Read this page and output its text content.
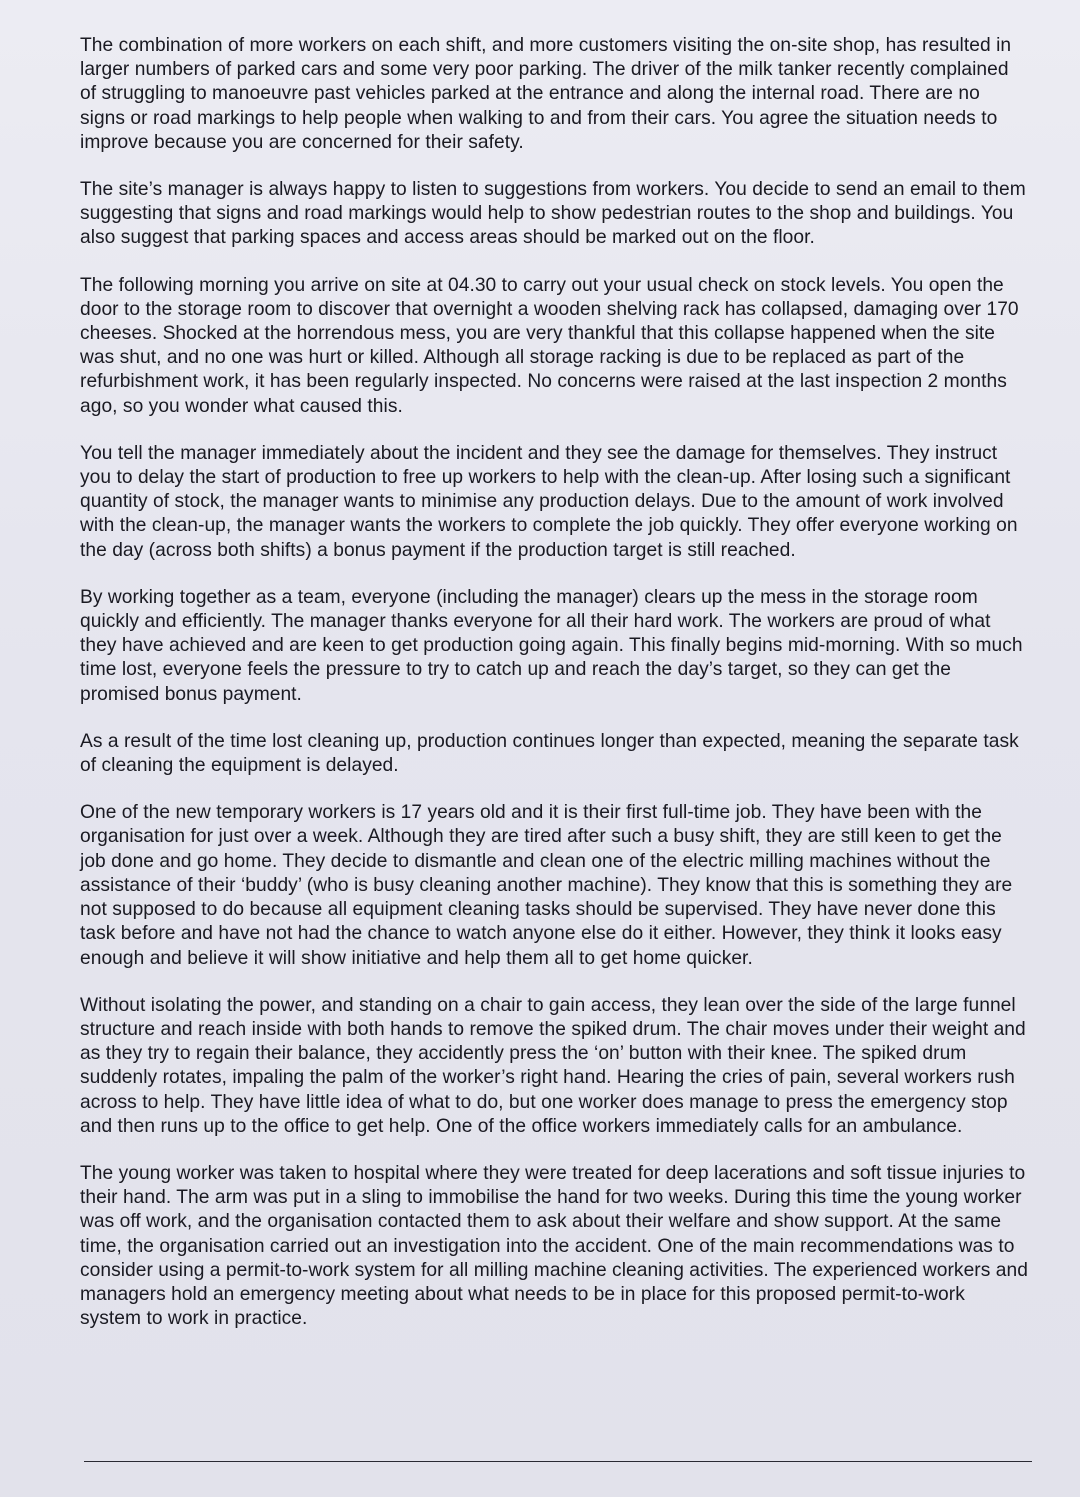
The combination of more workers on each shift, and more customers visiting the on-site shop, has resulted in larger numbers of parked cars and some very poor parking. The driver of the milk tanker recently complained of struggling to manoeuvre past vehicles parked at the entrance and along the internal road. There are no signs or road markings to help people when walking to and from their cars. You agree the situation needs to improve because you are concerned for their safety.

The site’s manager is always happy to listen to suggestions from workers. You decide to send an email to them suggesting that signs and road markings would help to show pedestrian routes to the shop and buildings. You also suggest that parking spaces and access areas should be marked out on the floor.

The following morning you arrive on site at 04.30 to carry out your usual check on stock levels. You open the door to the storage room to discover that overnight a wooden shelving rack has collapsed, damaging over 170 cheeses. Shocked at the horrendous mess, you are very thankful that this collapse happened when the site was shut, and no one was hurt or killed. Although all storage racking is due to be replaced as part of the refurbishment work, it has been regularly inspected. No concerns were raised at the last inspection 2 months ago, so you wonder what caused this.

You tell the manager immediately about the incident and they see the damage for themselves. They instruct you to delay the start of production to free up workers to help with the clean-up. After losing such a significant quantity of stock, the manager wants to minimise any production delays. Due to the amount of work involved with the clean-up, the manager wants the workers to complete the job quickly. They offer everyone working on the day (across both shifts) a bonus payment if the production target is still reached.

By working together as a team, everyone (including the manager) clears up the mess in the storage room quickly and efficiently. The manager thanks everyone for all their hard work. The workers are proud of what they have achieved and are keen to get production going again. This finally begins mid-morning. With so much time lost, everyone feels the pressure to try to catch up and reach the day’s target, so they can get the promised bonus payment.

As a result of the time lost cleaning up, production continues longer than expected, meaning the separate task of cleaning the equipment is delayed.

One of the new temporary workers is 17 years old and it is their first full-time job. They have been with the organisation for just over a week. Although they are tired after such a busy shift, they are still keen to get the job done and go home. They decide to dismantle and clean one of the electric milling machines without the assistance of their ‘buddy’ (who is busy cleaning another machine). They know that this is something they are not supposed to do because all equipment cleaning tasks should be supervised. They have never done this task before and have not had the chance to watch anyone else do it either. However, they think it looks easy enough and believe it will show initiative and help them all to get home quicker.

Without isolating the power, and standing on a chair to gain access, they lean over the side of the large funnel structure and reach inside with both hands to remove the spiked drum. The chair moves under their weight and as they try to regain their balance, they accidently press the ‘on’ button with their knee. The spiked drum suddenly rotates, impaling the palm of the worker’s right hand. Hearing the cries of pain, several workers rush across to help. They have little idea of what to do, but one worker does manage to press the emergency stop and then runs up to the office to get help. One of the office workers immediately calls for an ambulance.

The young worker was taken to hospital where they were treated for deep lacerations and soft tissue injuries to their hand. The arm was put in a sling to immobilise the hand for two weeks. During this time the young worker was off work, and the organisation contacted them to ask about their welfare and show support. At the same time, the organisation carried out an investigation into the accident. One of the main recommendations was to consider using a permit-to-work system for all milling machine cleaning activities. The experienced workers and managers hold an emergency meeting about what needs to be in place for this proposed permit-to-work system to work in practice.
